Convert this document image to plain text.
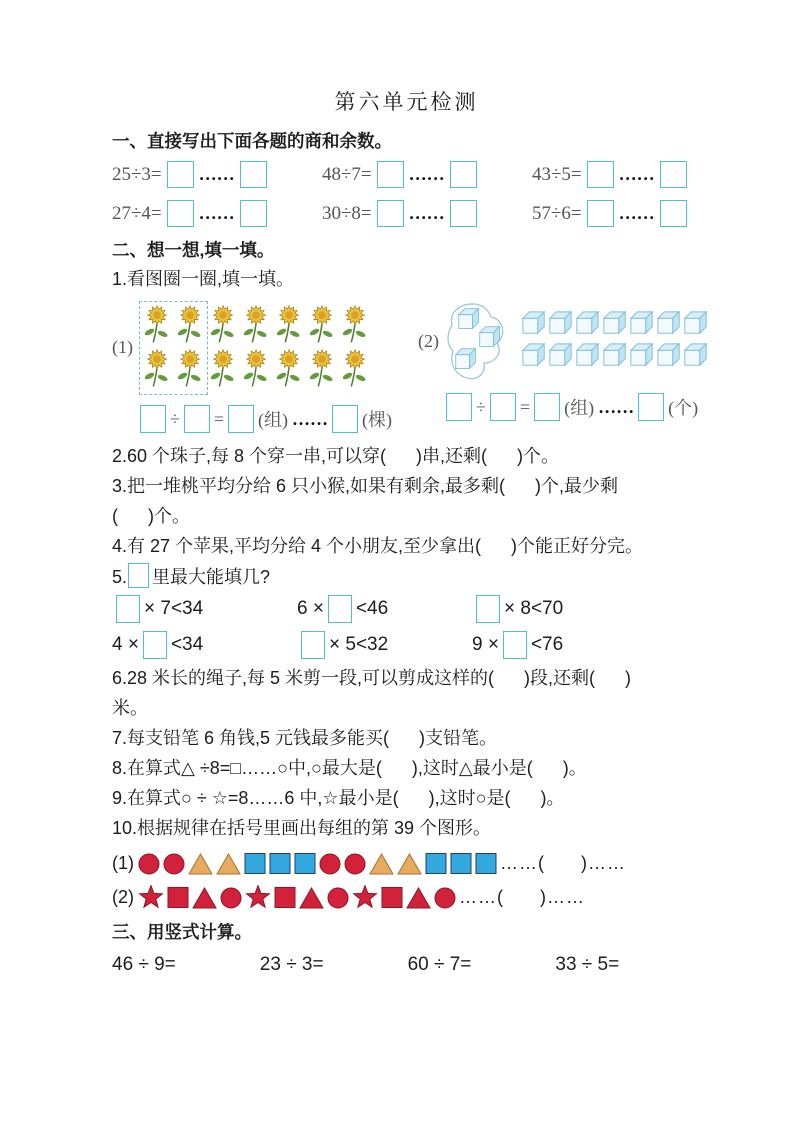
第六单元检测
一、直接写出下面各题的商和余数。
25÷3= ……	48÷7= ……	43÷5= ……
27÷4= ……	30÷8= ……	57÷6= ……
二、想一想,填一填。
1.看图圈一圈,填一填。
(1)
÷ = (组) …… (棵)
(2)
÷ = (组) …… (个)
2.60 个珠子,每 8 个穿一串,可以穿(      )串,还剩(      )个。
3.把一堆桃平均分给 6 只小猴,如果有剩余,最多剩(      )个,最少剩
(      )个。
4.有 27 个苹果,平均分给 4 个小朋友,至少拿出(      )个能正好分完。
5. 里最大能填几?
× 7<34	6 × <46	× 8<70
4 × <34	× 5<32	9 × <76
6.28 米长的绳子,每 5 米剪一段,可以剪成这样的(      )段,还剩(      )
米。
7.每支铅笔 6 角钱,5 元钱最多能买(      )支铅笔。
8.在算式△ ÷8=□……○中,○最大是(      ),这时△最小是(      )。
9.在算式○ ÷ ☆=8……6 中,☆最小是(      ),这时○是(      )。
10.根据规律在括号里画出每组的第 39 个图形。
(1)	……(      )……
(2)	……(      )……
三、用竖式计算。
46 ÷ 9=	23 ÷ 3=	60 ÷ 7=	33 ÷ 5=
